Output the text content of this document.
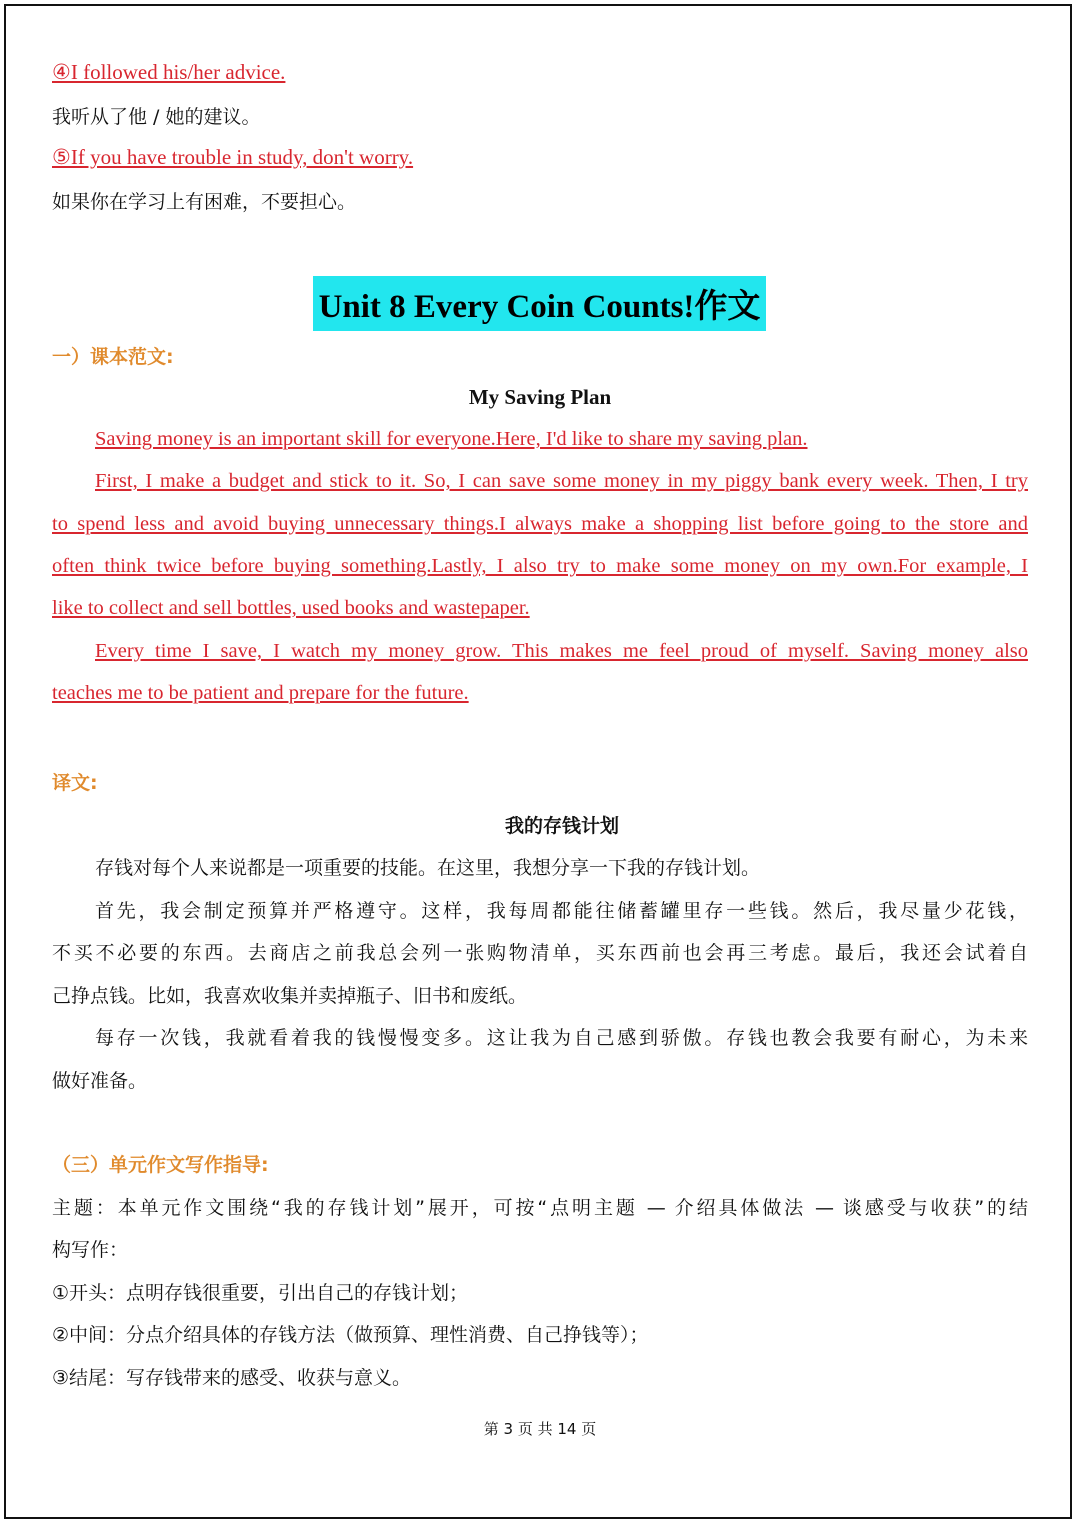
④I followed his/her advice.
我听从了他 / 她的建议。
⑤If you have trouble in study, don't worry.
如果你在学习上有困难，不要担心。
Unit 8 Every Coin Counts!作文
一）课本范文:
My Saving Plan
Saving money is an important skill for everyone.Here, I'd like to share my saving plan.
First, I make a budget and stick to it. So, I can save some money in my piggy bank every week. Then, I try
to spend less and avoid buying unnecessary things.I always make a shopping list before going to the store and
often think twice before buying something.Lastly, I also try to make some money on my own.For example, I
like to collect and sell bottles, used books and wastepaper.
Every time I save, I watch my money grow. This makes me feel proud of myself. Saving money also
teaches me to be patient and prepare for the future.
译文:
我的存钱计划
存钱对每个人来说都是一项重要的技能。在这里，我想分享一下我的存钱计划。
首先，我会制定预算并严格遵守。这样，我每周都能往储蓄罐里存一些钱。然后，我尽量少花钱，
不买不必要的东西。去商店之前我总会列一张购物清单，买东西前也会再三考虑。最后，我还会试着自
己挣点钱。比如，我喜欢收集并卖掉瓶子、旧书和废纸。
每存一次钱，我就看着我的钱慢慢变多。这让我为自己感到骄傲。存钱也教会我要有耐心，为未来
做好准备。
（三）单元作文写作指导:
主题：本单元作文围绕“我的存钱计划”展开，可按“点明主题 — 介绍具体做法 — 谈感受与收获”的结
构写作：
①开头：点明存钱很重要，引出自己的存钱计划；
②中间：分点介绍具体的存钱方法（做预算、理性消费、自己挣钱等）；
③结尾：写存钱带来的感受、收获与意义。
第 3 页 共 14 页
